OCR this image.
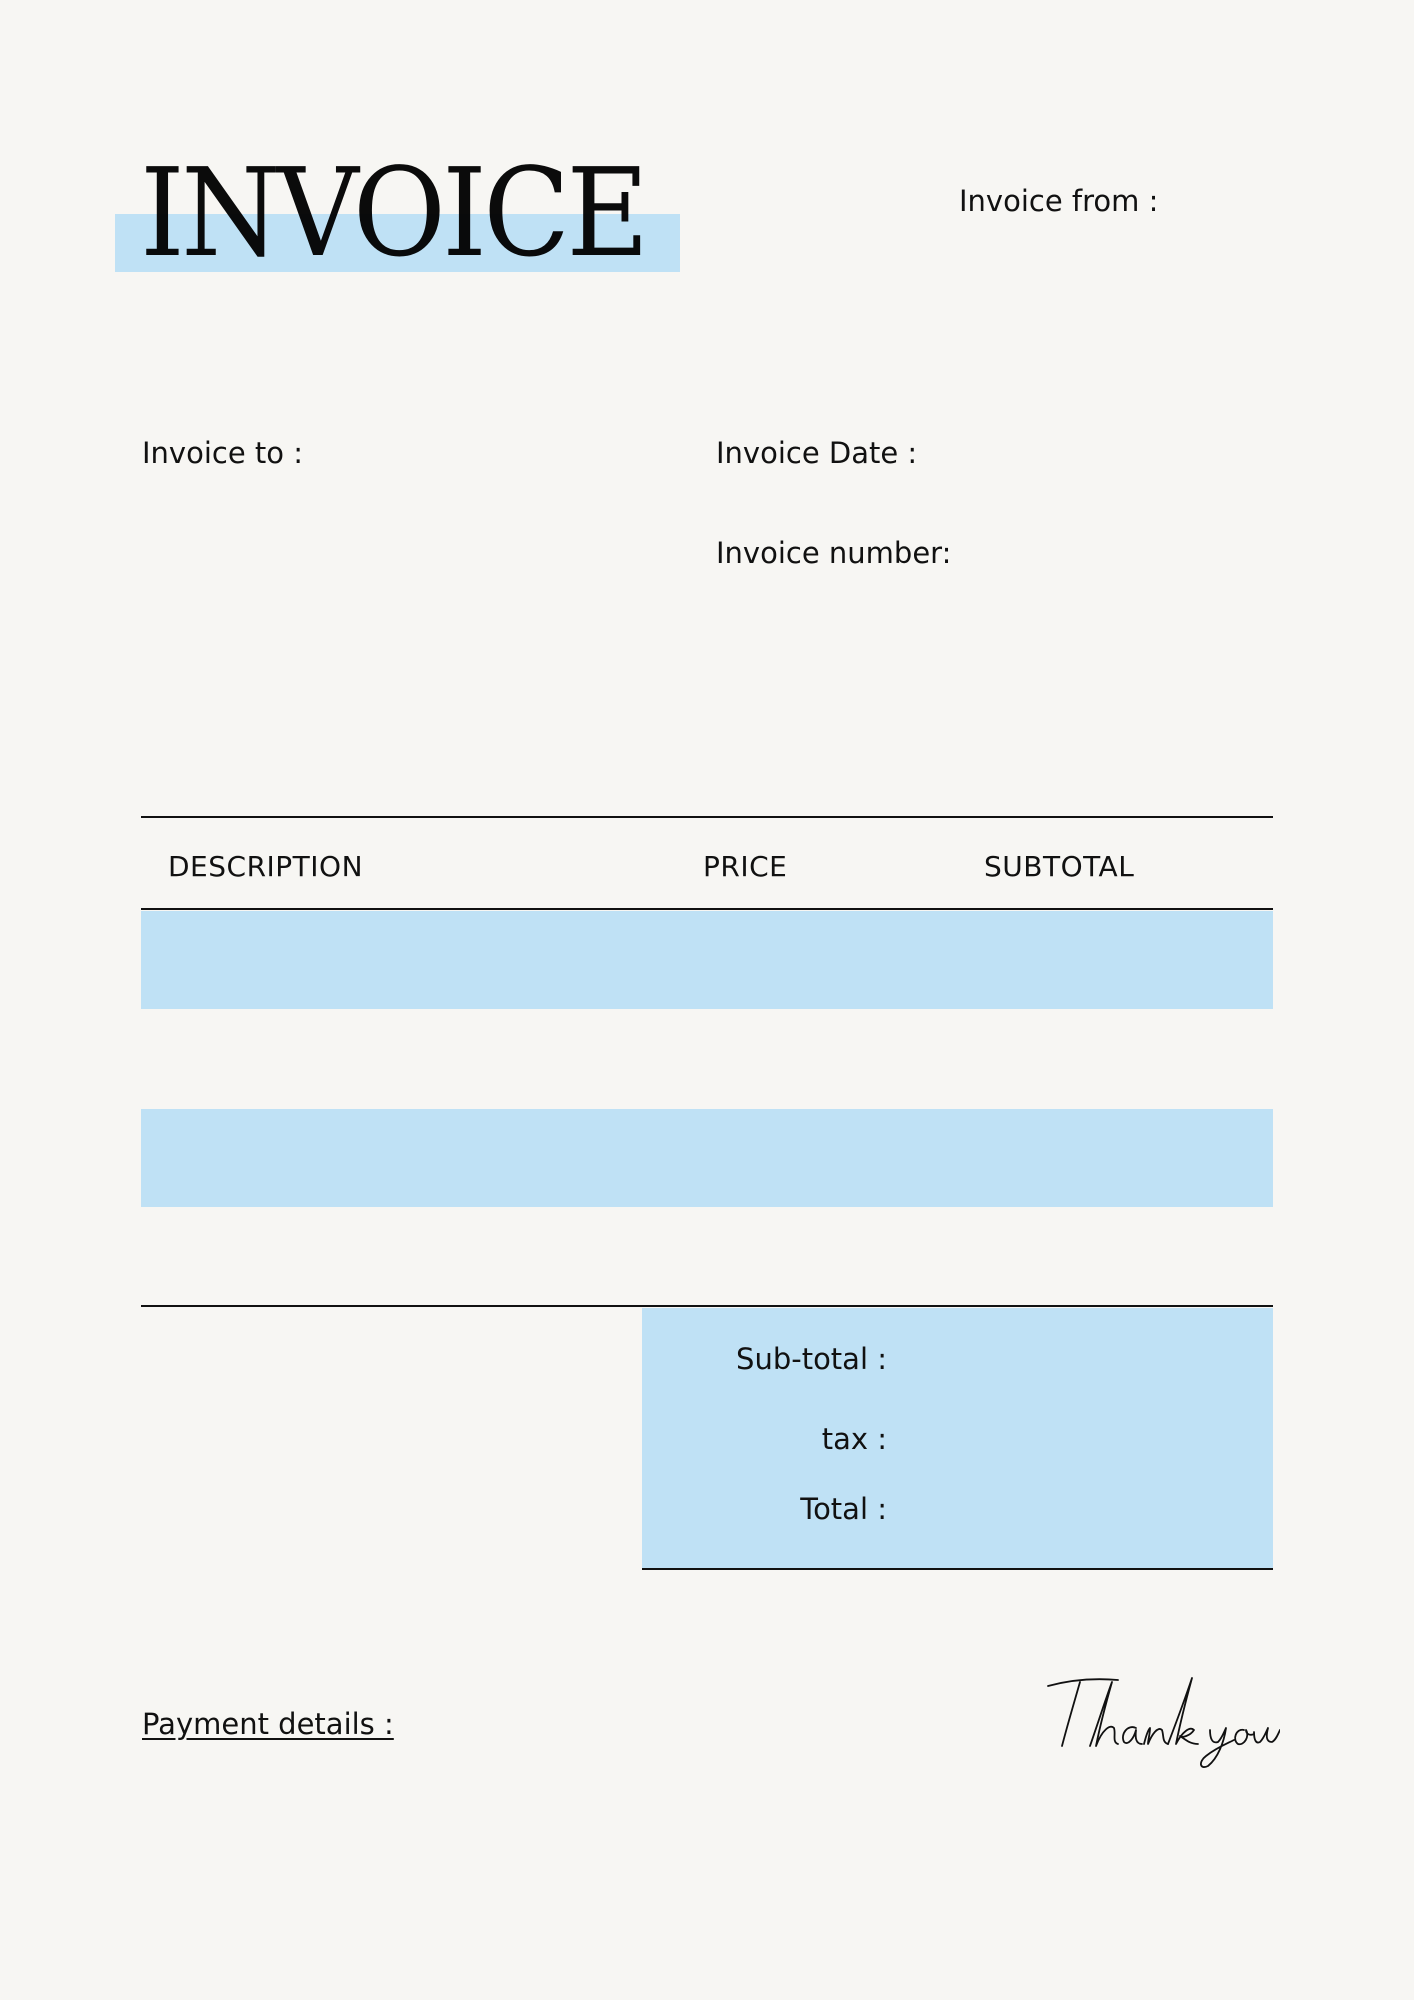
INVOICE	Invoice from :
Invoice to :	Invoice Date :
Invoice number:
DESCRIPTION	PRICE	SUBTOTAL
Sub-total :
tax :
Total :
Payment details :
